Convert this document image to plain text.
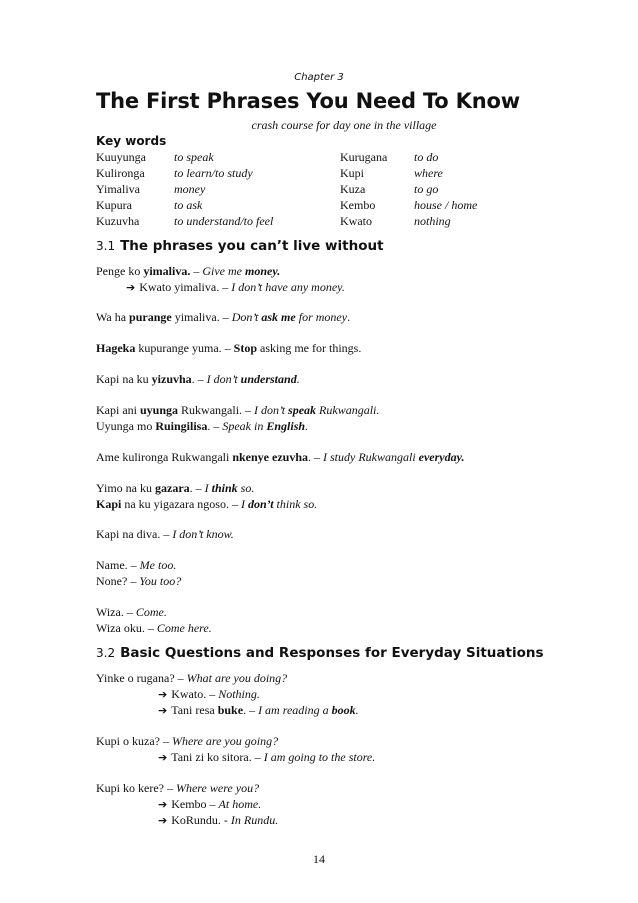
Chapter 3
The First Phrases You Need To Know
crash course for day one in the village
Key words
Kuuyunga to speak	Kurugana to do
Kulironga to learn/to study	Kupi	where
Yimaliva	money	Kuza	to go
Kupura	to ask	Kembo	house / home
Kuzuvha	to understand/to feel	Kwato	nothing
3.1 The phrases you can’t live without
Penge ko yimaliva. – Give me money.
➔ Kwato yimaliva. – I don’t have any money.
Wa ha purange yimaliva. – Don’t ask me for money.
Hageka kupurange yuma. – Stop asking me for things.
Kapi na ku yizuvha. – I don’t understand.
Kapi ani uyunga Rukwangali. – I don’t speak Rukwangali.
Uyunga mo Ruingilisa. – Speak in English.
Ame kulironga Rukwangali nkenye ezuvha. – I study Rukwangali everyday.
Yimo na ku gazara. – I think so.
Kapi na ku yigazara ngoso. – I don’t think so.
Kapi na diva. – I don’t know.
Name. – Me too.
None? – You too?
Wiza. – Come.
Wiza oku. – Come here.
3.2 Basic Questions and Responses for Everyday Situations
Yinke o rugana? – What are you doing?
➔ Kwato. – Nothing.
➔ Tani resa buke. – I am reading a book.
Kupi o kuza? – Where are you going?
➔ Tani zi ko sitora. – I am going to the store.
Kupi ko kere? – Where were you?
➔ Kembo – At home.
➔ KoRundu. - In Rundu.
14
